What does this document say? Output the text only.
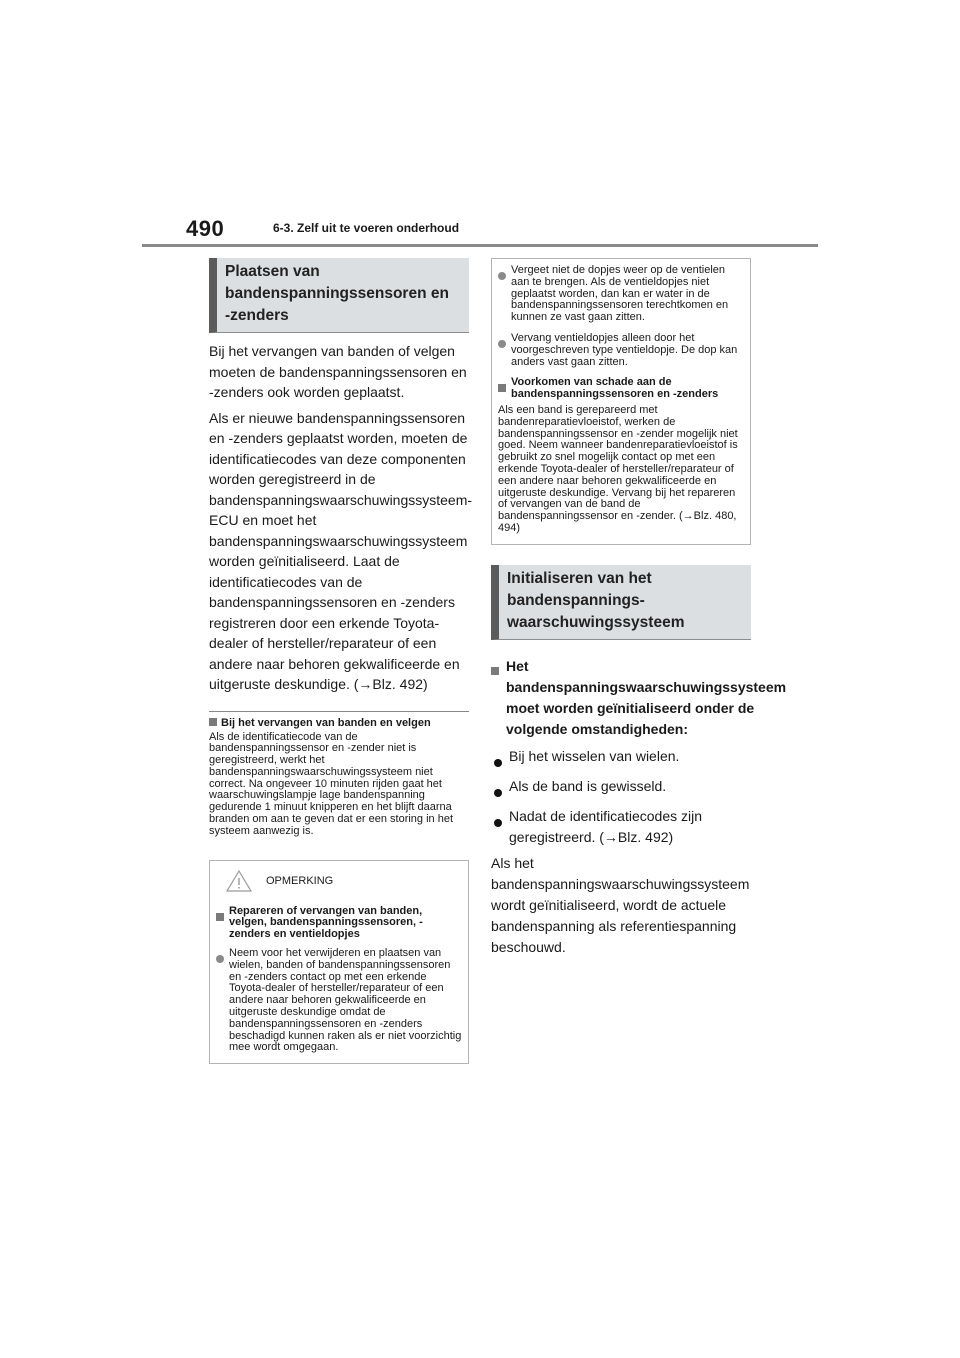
490	6-3. Zelf uit te voeren onderhoud
Plaatsen van
bandenspanningssensoren en
-zenders

Bij het vervangen van banden of velgen moeten de bandenspanningssensoren en -zenders ook worden geplaatst.

Als er nieuwe bandenspanningssensoren en -zenders geplaatst worden, moeten de identificatiecodes van deze componenten worden geregistreerd in de bandenspanningswaarschuwingssysteem-ECU en moet het bandenspanningswaarschuwingssysteem worden geïnitialiseerd. Laat de identificatiecodes van de bandenspanningssensoren en -zenders registreren door een erkende Toyota-dealer of hersteller/reparateur of een andere naar behoren gekwalificeerde en uitgeruste deskundige. (→Blz. 492)

Bij het vervangen van banden en velgen
Als de identificatiecode van de bandenspanningssensor en -zender niet is geregistreerd, werkt het bandenspanningswaarschuwingssysteem niet correct. Na ongeveer 10 minuten rijden gaat het waarschuwingslampje lage bandenspanning gedurende 1 minuut knipperen en het blijft daarna branden om aan te geven dat er een storing in het systeem aanwezig is.
OPMERKING
Repareren of vervangen van banden, velgen, bandenspanningssensoren, -zenders en ventieldopjes
Neem voor het verwijderen en plaatsen van wielen, banden of bandenspanningssensoren en -zenders contact op met een erkende Toyota-dealer of hersteller/reparateur of een andere naar behoren gekwalificeerde en uitgeruste deskundige omdat de bandenspanningssensoren en -zenders beschadigd kunnen raken als er niet voorzichtig mee wordt omgegaan.
Vergeet niet de dopjes weer op de ventielen aan te brengen. Als de ventieldopjes niet geplaatst worden, dan kan er water in de bandenspanningssensoren terechtkomen en kunnen ze vast gaan zitten.
Vervang ventieldopjes alleen door het voorgeschreven type ventieldopje. De dop kan anders vast gaan zitten.
Voorkomen van schade aan de bandenspanningssensoren en -zenders
Als een band is gerepareerd met bandenreparatievloeistof, werken de bandenspanningssensor en -zender mogelijk niet goed. Neem wanneer bandenreparatievloeistof is gebruikt zo snel mogelijk contact op met een erkende Toyota-dealer of hersteller/reparateur of een andere naar behoren gekwalificeerde en uitgeruste deskundige. Vervang bij het repareren of vervangen van de band de bandenspanningssensor en -zender. (→Blz. 480, 494)
Initialiseren van het
bandenspannings-
waarschuwingssysteem
Het bandenspanningswaarschuwingssysteem moet worden geïnitialiseerd onder de volgende omstandigheden:
Bij het wisselen van wielen.
Als de band is gewisseld.
Nadat de identificatiecodes zijn geregistreerd. (→Blz. 492)
Als het bandenspanningswaarschuwingssysteem wordt geïnitialiseerd, wordt de actuele bandenspanning als referentiespanning beschouwd.
